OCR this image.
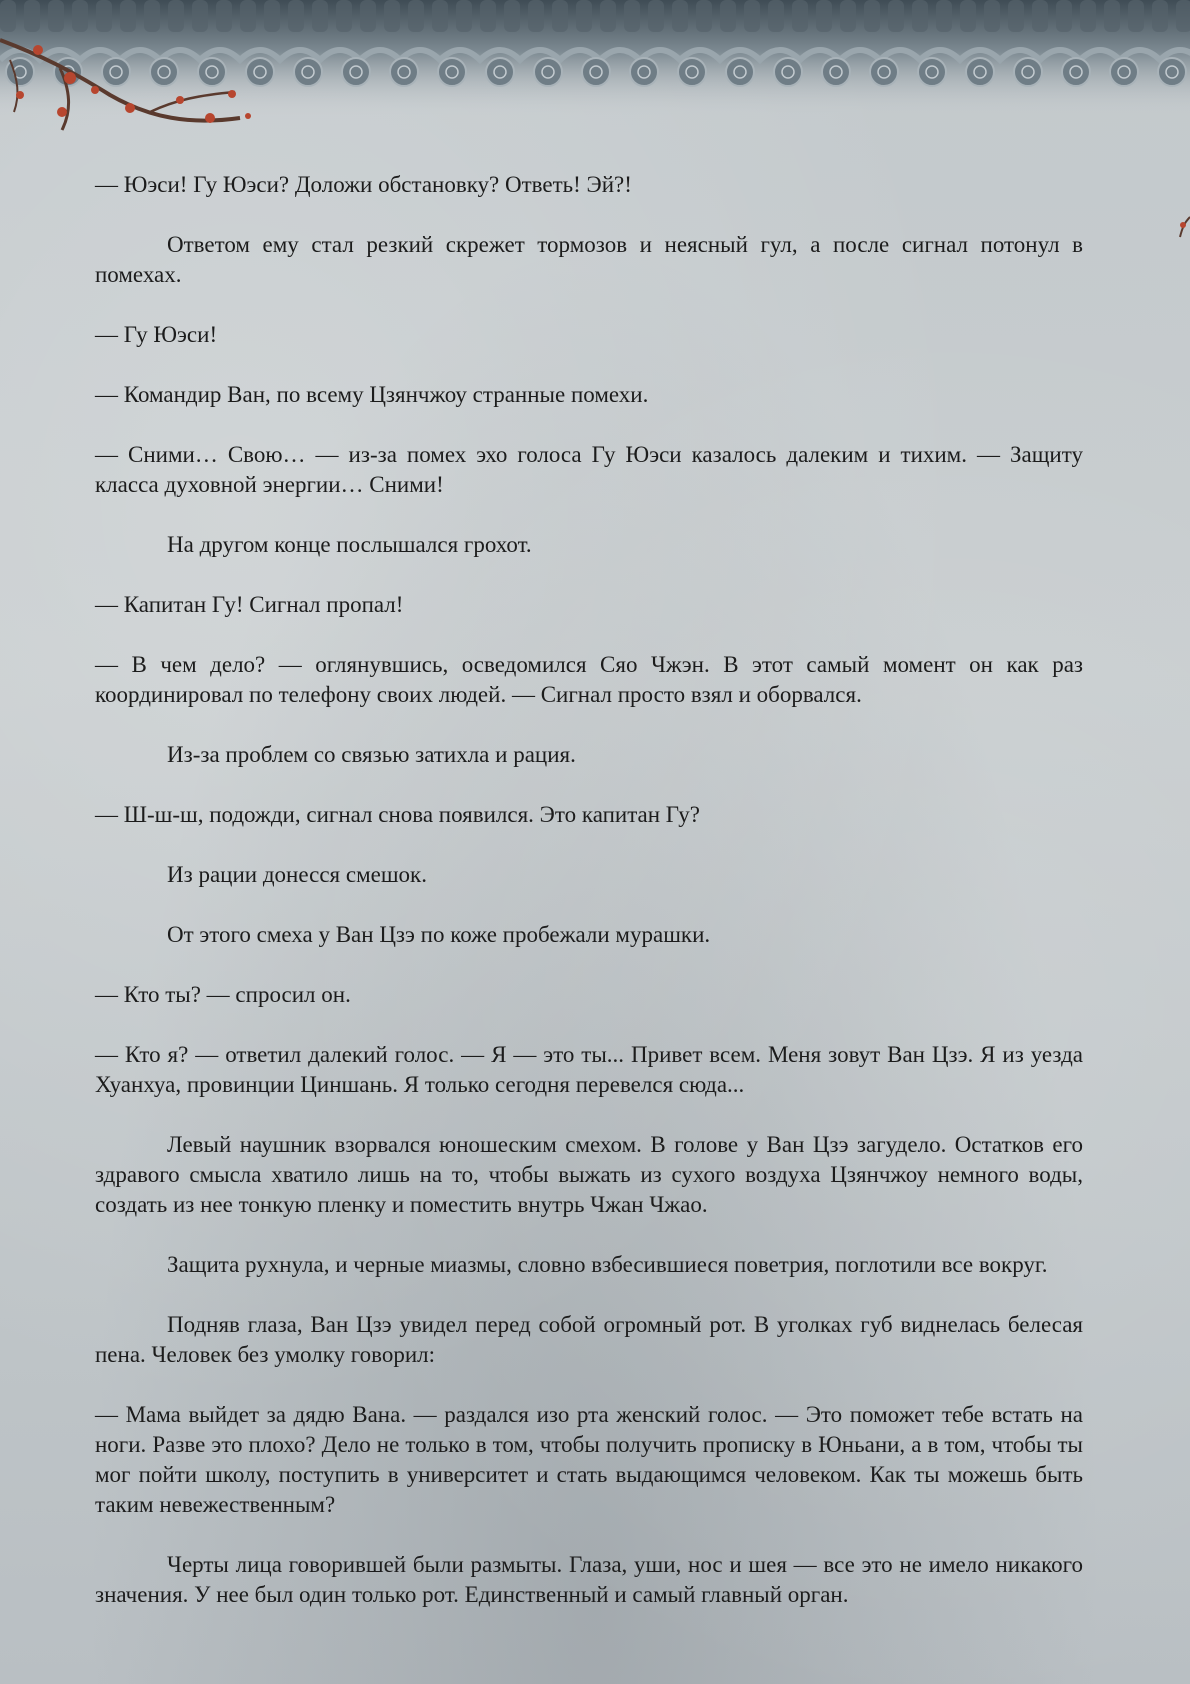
— Юэси! Гу Юэси? Доложи обстановку? Ответь! Эй?!

Ответом ему стал резкий скрежет тормозов и неясный гул, а после сигнал потонул в помехах.

— Гу Юэси!

— Командир Ван, по всему Цзянчжоу странные помехи.

— Сними… Свою… — из-за помех эхо голоса Гу Юэси казалось далеким и тихим. — Защиту класса духовной энергии… Сними!

На другом конце послышался грохот.

— Капитан Гу! Сигнал пропал!

— В чем дело? — оглянувшись, осведомился Сяо Чжэн. В этот самый момент он как раз координировал по телефону своих людей. — Сигнал просто взял и оборвался.

Из-за проблем со связью затихла и рация.

— Ш-ш-ш, подожди, сигнал снова появился. Это капитан Гу?

Из рации донесся смешок.

От этого смеха у Ван Цзэ по коже пробежали мурашки.

— Кто ты? — спросил он.

— Кто я? — ответил далекий голос. — Я — это ты... Привет всем. Меня зовут Ван Цзэ. Я из уезда Хуанхуа, провинции Циншань. Я только сегодня перевелся сюда...

Левый наушник взорвался юношеским смехом. В голове у Ван Цзэ загудело. Остатков его здравого смысла хватило лишь на то, чтобы выжать из сухого воздуха Цзянчжоу немного воды, создать из нее тонкую пленку и поместить внутрь Чжан Чжао.

Защита рухнула, и черные миазмы, словно взбесившиеся поветрия, поглотили все вокруг.

Подняв глаза, Ван Цзэ увидел перед собой огромный рот. В уголках губ виднелась белесая пена. Человек без умолку говорил:

— Мама выйдет за дядю Вана. — раздался изо рта женский голос. — Это поможет тебе встать на ноги. Разве это плохо? Дело не только в том, чтобы получить прописку в Юньани, а в том, чтобы ты мог пойти школу, поступить в университет и стать выдающимся человеком. Как ты можешь быть таким невежественным?

Черты лица говорившей были размыты. Глаза, уши, нос и шея — все это не имело никакого значения. У нее был один только рот. Единственный и самый главный орган.
